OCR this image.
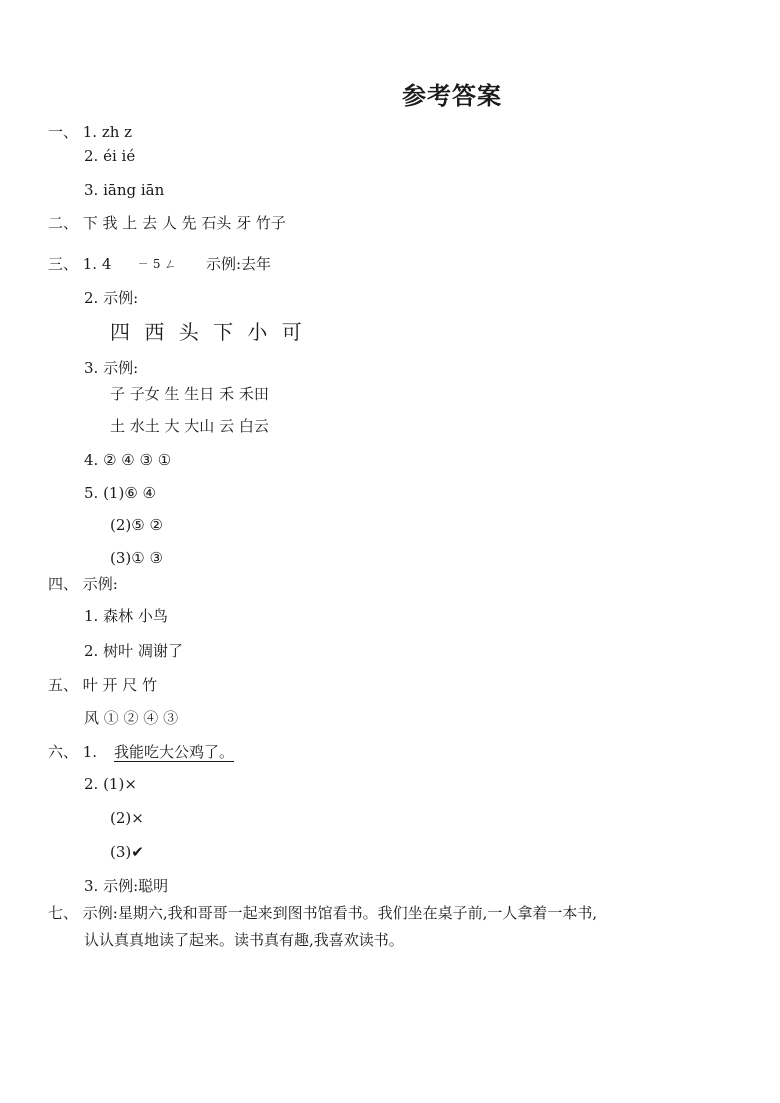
参考答案
一、 1. zh z
2. éi ié
3. iāng iān
二、 下 我 上 去 人 先 石头 牙 竹子
三、 1. 4 ㄧ 5 ㄥ 示例:去年
2. 示例:
四 西 头 下 小 可
3. 示例:
子 子女 生 生日 禾 禾田
土 水土 大 大山 云 白云
4. ② ④ ③ ①
5. (1)⑥ ④
(2)⑤ ②
(3)① ③
四、 示例:
1. 森林 小鸟
2. 树叶 凋谢了
五、 叶 开 尺 竹
风 ① ② ④ ③
六、 1. 我能吃大公鸡了。
2. (1)×
(2)×
(3)✔
3. 示例:聪明
七、 示例:星期六,我和哥哥一起来到图书馆看书。我们坐在桌子前,一人拿着一本书,
认认真真地读了起来。读书真有趣,我喜欢读书。
